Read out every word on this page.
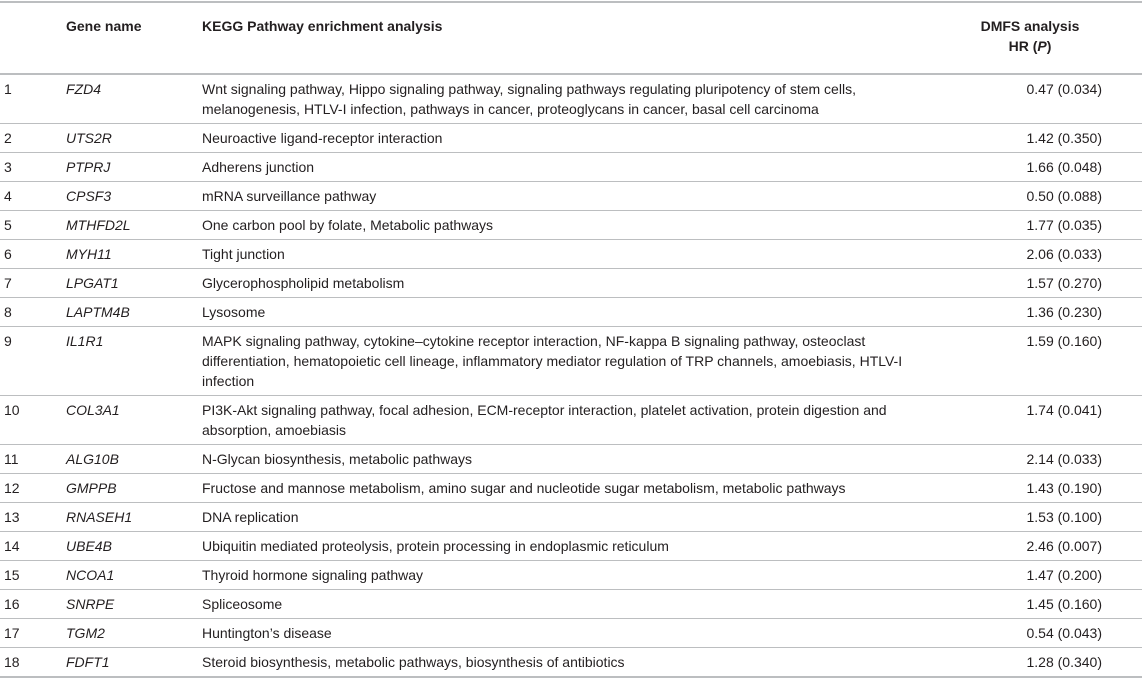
	Gene name	KEGG Pathway enrichment analysis	DMFS analysis
HR (P)

1	FZD4	Wnt signaling pathway, Hippo signaling pathway, signaling pathways regulating pluripotency of stem cells, melanogenesis, HTLV-I infection, pathways in cancer, proteoglycans in cancer, basal cell carcinoma	0.47 (0.034)
2	UTS2R	Neuroactive ligand-receptor interaction	1.42 (0.350)
3	PTPRJ	Adherens junction	1.66 (0.048)
4	CPSF3	mRNA surveillance pathway	0.50 (0.088)
5	MTHFD2L	One carbon pool by folate, Metabolic pathways	1.77 (0.035)
6	MYH11	Tight junction	2.06 (0.033)
7	LPGAT1	Glycerophospholipid metabolism	1.57 (0.270)
8	LAPTM4B	Lysosome	1.36 (0.230)
9	IL1R1	MAPK signaling pathway, cytokine–cytokine receptor interaction, NF-kappa B signaling pathway, osteoclast differentiation, hematopoietic cell lineage, inflammatory mediator regulation of TRP channels, amoebiasis, HTLV-I infection	1.59 (0.160)
10	COL3A1	PI3K-Akt signaling pathway, focal adhesion, ECM-receptor interaction, platelet activation, protein digestion and absorption, amoebiasis	1.74 (0.041)
11	ALG10B	N-Glycan biosynthesis, metabolic pathways	2.14 (0.033)
12	GMPPB	Fructose and mannose metabolism, amino sugar and nucleotide sugar metabolism, metabolic pathways	1.43 (0.190)
13	RNASEH1	DNA replication	1.53 (0.100)
14	UBE4B	Ubiquitin mediated proteolysis, protein processing in endoplasmic reticulum	2.46 (0.007)
15	NCOA1	Thyroid hormone signaling pathway	1.47 (0.200)
16	SNRPE	Spliceosome	1.45 (0.160)
17	TGM2	Huntington’s disease	0.54 (0.043)
18	FDFT1	Steroid biosynthesis, metabolic pathways, biosynthesis of antibiotics	1.28 (0.340)
